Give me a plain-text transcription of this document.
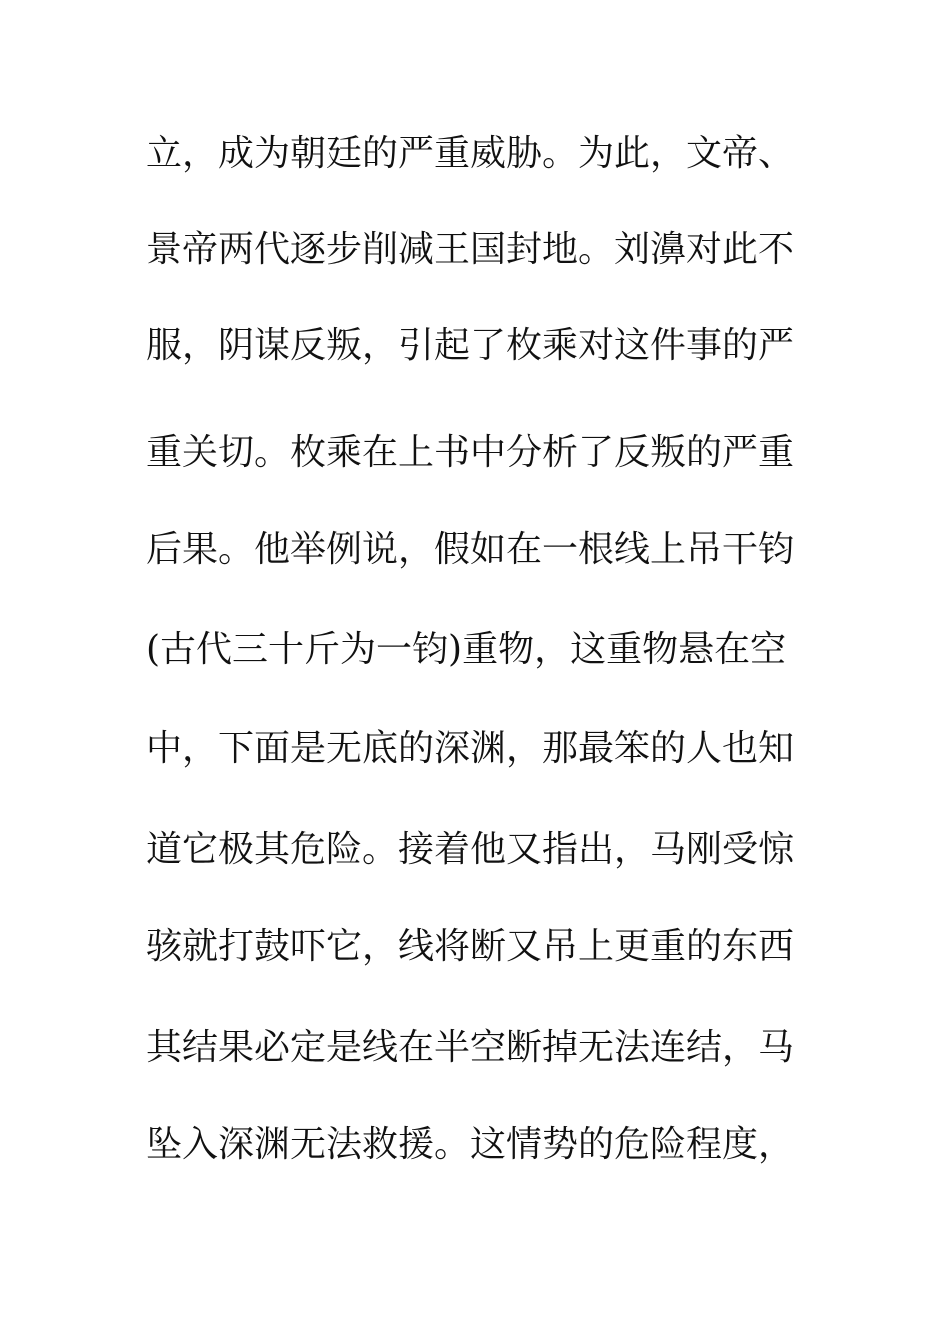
立，成为朝廷的严重威胁。为此，文帝、
景帝两代逐步削减王国封地。刘濞对此不
服，阴谋反叛，引起了枚乘对这件事的严
重关切。枚乘在上书中分析了反叛的严重
后果。他举例说，假如在一根线上吊干钧
(古代三十斤为一钧)重物，这重物悬在空
中，下面是无底的深渊，那最笨的人也知
道它极其危险。接着他又指出，马刚受惊
骇就打鼓吓它，线将断又吊上更重的东西
其结果必定是线在半空断掉无法连结，马
坠入深渊无法救援。这情势的危险程度，
